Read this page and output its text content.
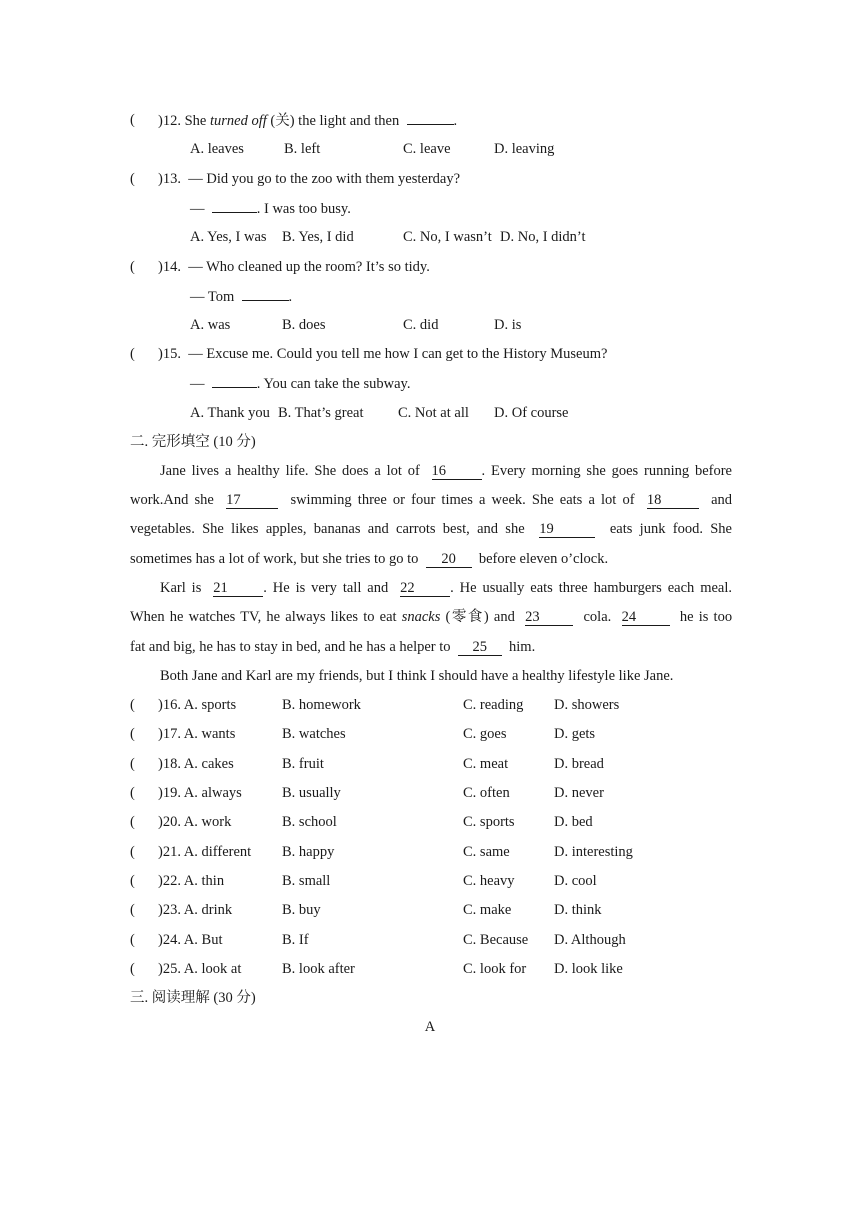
( )12. She turned off (关) the light and then	.
A. leaves	B. left	C. leave	D. leaving
( )13. — Did you go to the zoo with them yesterday?
—	. I was too busy.
A. Yes, I was B. Yes, I did	C. No, I wasn’t D. No, I didn’t
( )14. — Who cleaned up the room? It’s so tidy.
— Tom	.
A. was	B. does	C. did	D. is
( )15. — Excuse me. Could you tell me how I can get to the History Museum?
—	. You can take the subway.
A. Thank you B. That’s great C. Not at all D. Of course
二. 完形填空 (10 分)
Jane lives a healthy life. She does a lot of 16 . Every morning she goes running before
work.And she 17	swimming three or four times a week. She eats a lot of 18	and
vegetables. She likes apples, bananas and carrots best, and she 19	eats junk food. She
sometimes has a lot of work, but she tries to go to 20 before eleven o’clock.
Karl is 21 . He is very tall and 22 . He usually eats three hamburgers each meal.
When he watches TV, he always likes to eat snacks (零食) and 23	cola. 24	he is too
fat and big, he has to stay in bed, and he has a helper to 25 him.
Both Jane and Karl are my friends, but I think I should have a healthy lifestyle like Jane.
( )16. A. sports	B. homework	C. reading D. showers
( )17. A. wants	B. watches	C. goes	D. gets
( )18. A. cakes	B. fruit	C. meat	D. bread
( )19. A. always	B. usually	C. often	D. never
( )20. A. work	B. school	C. sports	D. bed
( )21. A. different B. happy	C. same	D. interesting
( )22. A. thin	B. small	C. heavy	D. cool
( )23. A. drink	B. buy	C. make	D. think
( )24. A. But	B. If	C. Because D. Although
( )25. A. look at	B. look after	C. look for D. look like
三. 阅读理解 (30 分)
A
